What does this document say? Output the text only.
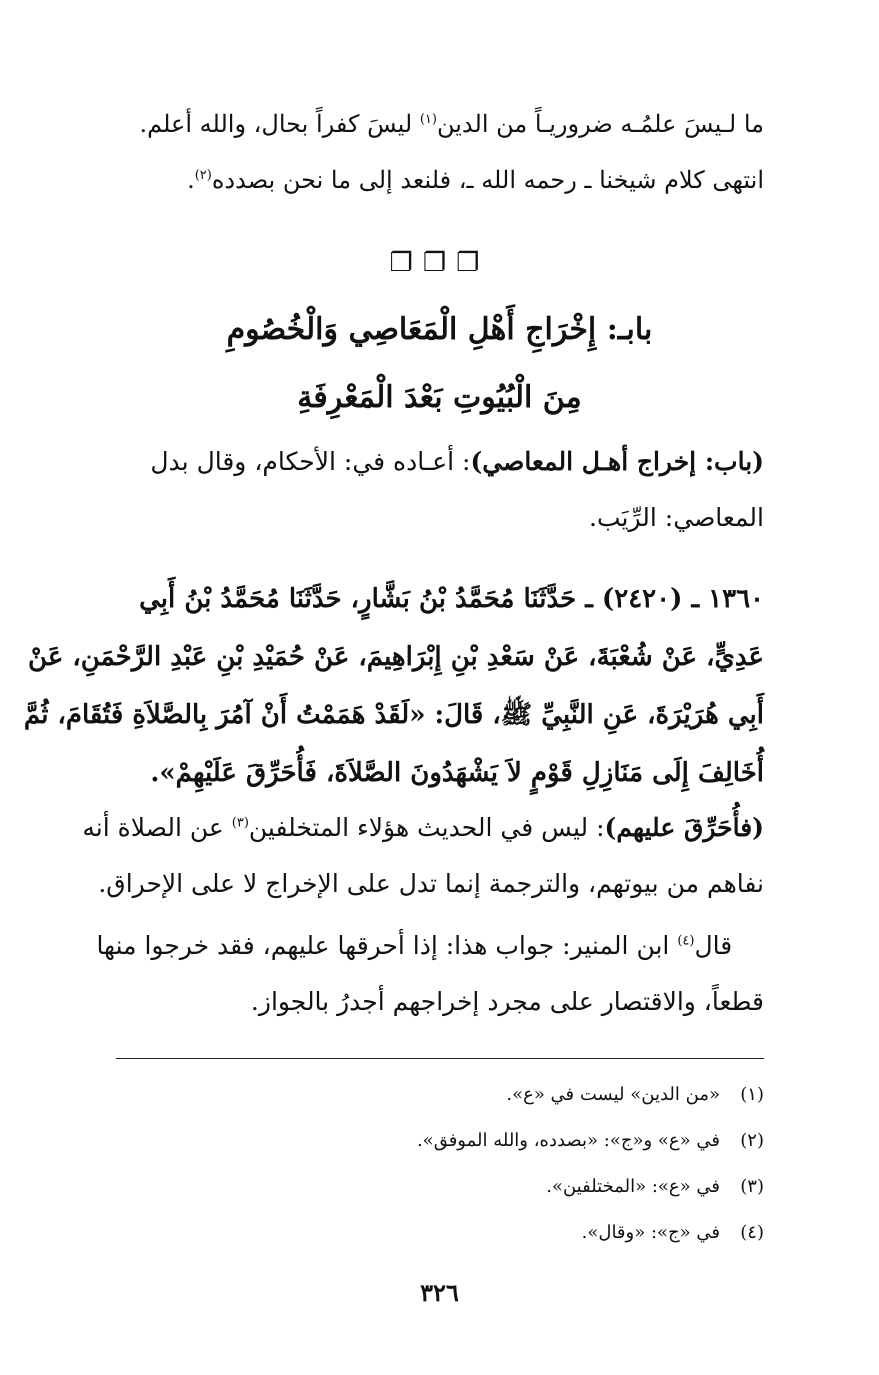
ما لـيسَ علمُـه ضروريـاً من الدين$^{(١)}$ ليسَ كفراً بحال، والله أعلم.
انتهى كلام شيخنا ـ رحمه الله ـ، فلنعد إلى ما نحن بصدده$^{(٢)}$.
❐❐❐
بابـ: إِخْرَاجِ أَهْلِ الْمَعَاصِي وَالْخُصُومِ
مِنَ الْبُيُوتِ بَعْدَ الْمَعْرِفَةِ
(باب: إخراج أهـل المعاصي): أعـاده في: الأحكام، وقال بدل
المعاصي: الرِّيَب.
١٣٦٠ ـ (٢٤٢٠) ـ حَدَّثَنَا مُحَمَّدُ بْنُ بَشَّارٍ، حَدَّثَنَا مُحَمَّدُ بْنُ أَبِي
عَدِيٍّ، عَنْ شُعْبَةَ، عَنْ سَعْدِ بْنِ إِبْرَاهِيمَ، عَنْ حُمَيْدِ بْنِ عَبْدِ الرَّحْمَنِ، عَنْ
أَبِي هُرَيْرَةَ، عَنِ النَّبِيِّ ﷺ، قَالَ: «لَقَدْ هَمَمْتُ أَنْ آمُرَ بِالصَّلاَةِ فَتُقَامَ، ثُمَّ
أُخَالِفَ إِلَى مَنَازِلِ قَوْمٍ لاَ يَشْهَدُونَ الصَّلاَةَ، فَأُحَرِّقَ عَلَيْهِمْ».
(فأُحَرِّقَ عليهم): ليس في الحديث هؤلاء المتخلفين$^{(٣)}$ عن الصلاة أنه
نفاهم من بيوتهم، والترجمة إنما تدل على الإخراج لا على الإحراق.
قال$^{(٤)}$ ابن المنير: جواب هذا: إذا أحرقها عليهم، فقد خرجوا منها
قطعاً، والاقتصار على مجرد إخراجهم أجدرُ بالجواز.
(١)«من الدين» ليست في «ع».
(٢)في «ع» و«ج»: «بصدده، والله الموفق».
(٣)في «ع»: «المختلفين».
(٤)في «ج»: «وقال».
٣٢٦
